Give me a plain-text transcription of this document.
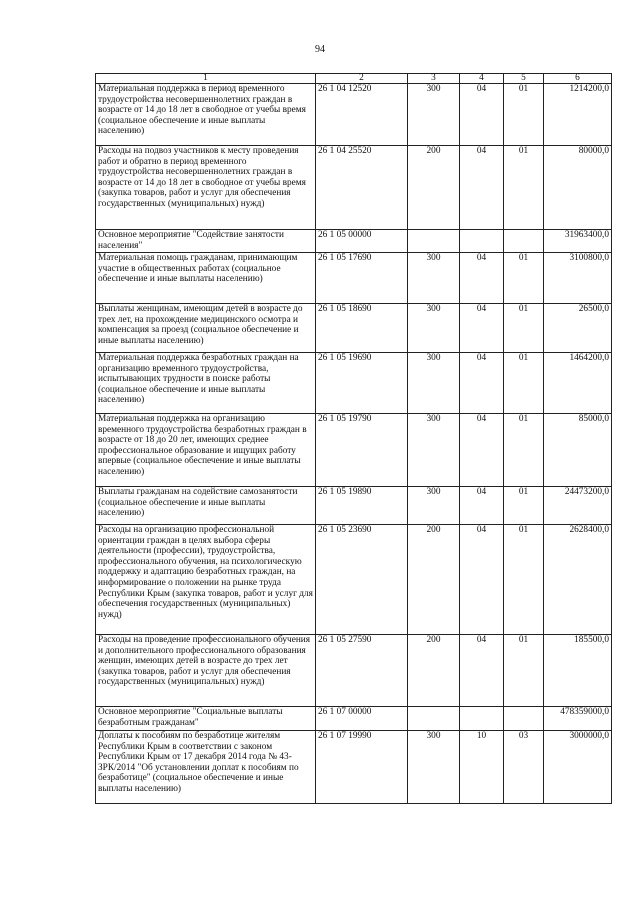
94
1	2	3	4	5	6
Материальная поддержка в период временного трудоустройства несовершеннолетних граждан в возрасте от 14 до 18 лет в свободное от учебы время (социальное обеспечение и иные выплаты населению)	26 1 04 12520	300	04	01	1214200,0
Расходы на подвоз участников к месту проведения работ и обратно в период временного трудоустройства несовершеннолетних граждан в возрасте от 14 до 18 лет в свободное от учебы время (закупка товаров, работ и услуг для обеспечения государственных (муниципальных) нужд)	26 1 04 25520	200	04	01	80000,0
Основное мероприятие "Содействие занятости населения"	26 1 05 00000				31963400,0
Материальная помощь гражданам, принимающим участие в общественных работах (социальное обеспечение и иные выплаты населению)	26 1 05 17690	300	04	01	3100800,0
Выплаты женщинам, имеющим детей в возрасте до трех лет, на прохождение медицинского осмотра и компенсация за проезд (социальное обеспечение и иные выплаты населению)	26 1 05 18690	300	04	01	26500,0
Материальная поддержка безработных граждан на организацию временного трудоустройства, испытывающих трудности в поиске работы (социальное обеспечение и иные выплаты населению)	26 1 05 19690	300	04	01	1464200,0
Материальная поддержка на организацию временного трудоустройства безработных граждан в возрасте от 18 до 20 лет, имеющих среднее профессиональное образование и ищущих работу впервые (социальное обеспечение и иные выплаты населению)	26 1 05 19790	300	04	01	85000,0
Выплаты гражданам на содействие самозанятости (социальное обеспечение и иные выплаты населению)	26 1 05 19890	300	04	01	24473200,0
Расходы на организацию профессиональной ориентации граждан в целях выбора сферы деятельности (профессии), трудоустройства, профессионального обучения, на психологическую поддержку и адаптацию безработных граждан, на информирование о положении на рынке труда Республики Крым (закупка товаров, работ и услуг для обеспечения государственных (муниципальных) нужд)	26 1 05 23690	200	04	01	2628400,0
Расходы на проведение профессионального обучения и дополнительного профессионального образования женщин, имеющих детей в возрасте до трех лет (закупка товаров, работ и услуг для обеспечения государственных (муниципальных) нужд)	26 1 05 27590	200	04	01	185500,0
Основное мероприятие "Социальные выплаты безработным гражданам"	26 1 07 00000				478359000,0
Доплаты к пособиям по безработице жителям Республики Крым в соответствии с законом Республики Крым от 17 декабря 2014 года № 43-ЗРК/2014 "Об установлении доплат к пособиям по безработице" (социальное обеспечение и иные выплаты населению)	26 1 07 19990	300	10	03	3000000,0
